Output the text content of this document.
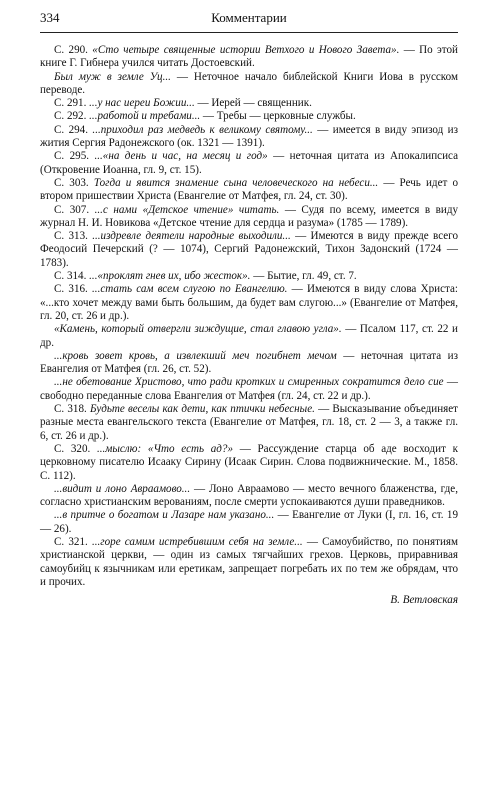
334	Комментарии

С. 290. «Сто четыре священные истории Ветхого и Нового Завета». — По этой книге Г. Гибнера учился читать Достоевский.

Был муж в земле Уц... — Неточное начало библейской Книги Иова в русском переводе.

С. 291. ...у нас иереи Божии... — Иерей — священник.

С. 292. ...работой и требами... — Требы — церковные службы.

С. 294. ...приходил раз медведь к великому святому... — имеется в виду эпизод из жития Сергия Радонежского (ок. 1321 — 1391).

С. 295. ...«на день и час, на месяц и год» — неточная цитата из Апокалипсиса (Откровение Иоанна, гл. 9, ст. 15).

С. 303. Тогда и явится знамение сына человеческого на небеси... — Речь идет о втором пришествии Христа (Евангелие от Матфея, гл. 24, ст. 30).

С. 307. ...с нами «Детское чтение» читать. — Судя по всему, имеется в виду журнал Н. И. Новикова «Детское чтение для сердца и разума» (1785 — 1789).

С. 313. ...издревле деятели народные выходили... — Имеются в виду прежде всего Феодосий Печерский (? — 1074), Сергий Радонежский, Тихон Задонский (1724 — 1783).

С. 314. ...«проклят гнев их, ибо жесток». — Бытие, гл. 49, ст. 7.

С. 316. ...стать сам всем слугою по Евангелию. — Имеются в виду слова Христа: «...кто хочет между вами быть большим, да будет вам слугою...» (Евангелие от Матфея, гл. 20, ст. 26 и др.).

«Камень, который отвергли зиждущие, стал главою угла». — Псалом 117, ст. 22 и др.

...кровь зовет кровь, а извлекший меч погибнет мечом — неточная цитата из Евангелия от Матфея (гл. 26, ст. 52).

...не обетование Христово, что ради кротких и смиренных сократится дело сие — свободно переданные слова Евангелия от Матфея (гл. 24, ст. 22 и др.).

С. 318. Будьте веселы как дети, как птички небесные. — Высказывание объединяет разные места евангельского текста (Евангелие от Матфея, гл. 18, ст. 2 — 3, а также гл. 6, ст. 26 и др.).

С. 320. ...мыслю: «Что есть ад?» — Рассуждение старца об аде восходит к церковному писателю Исааку Сирину (Исаак Сирин. Слова подвижнические. М., 1858. С. 112).

...видит и лоно Авраамово... — Лоно Авраамово — место вечного блаженства, где, согласно христианским верованиям, после смерти успокаиваются души праведников.

...в притче о богатом и Лазаре нам указано... — Евангелие от Луки (I, гл. 16, ст. 19 — 26).

С. 321. ...горе самим истребившим себя на земле... — Самоубийство, по понятиям христианской церкви, — один из самых тягчайших грехов. Церковь, приравнивая самоубийц к язычникам или еретикам, запрещает погребать их по тем же обрядам, что и прочих.

В. Ветловская
